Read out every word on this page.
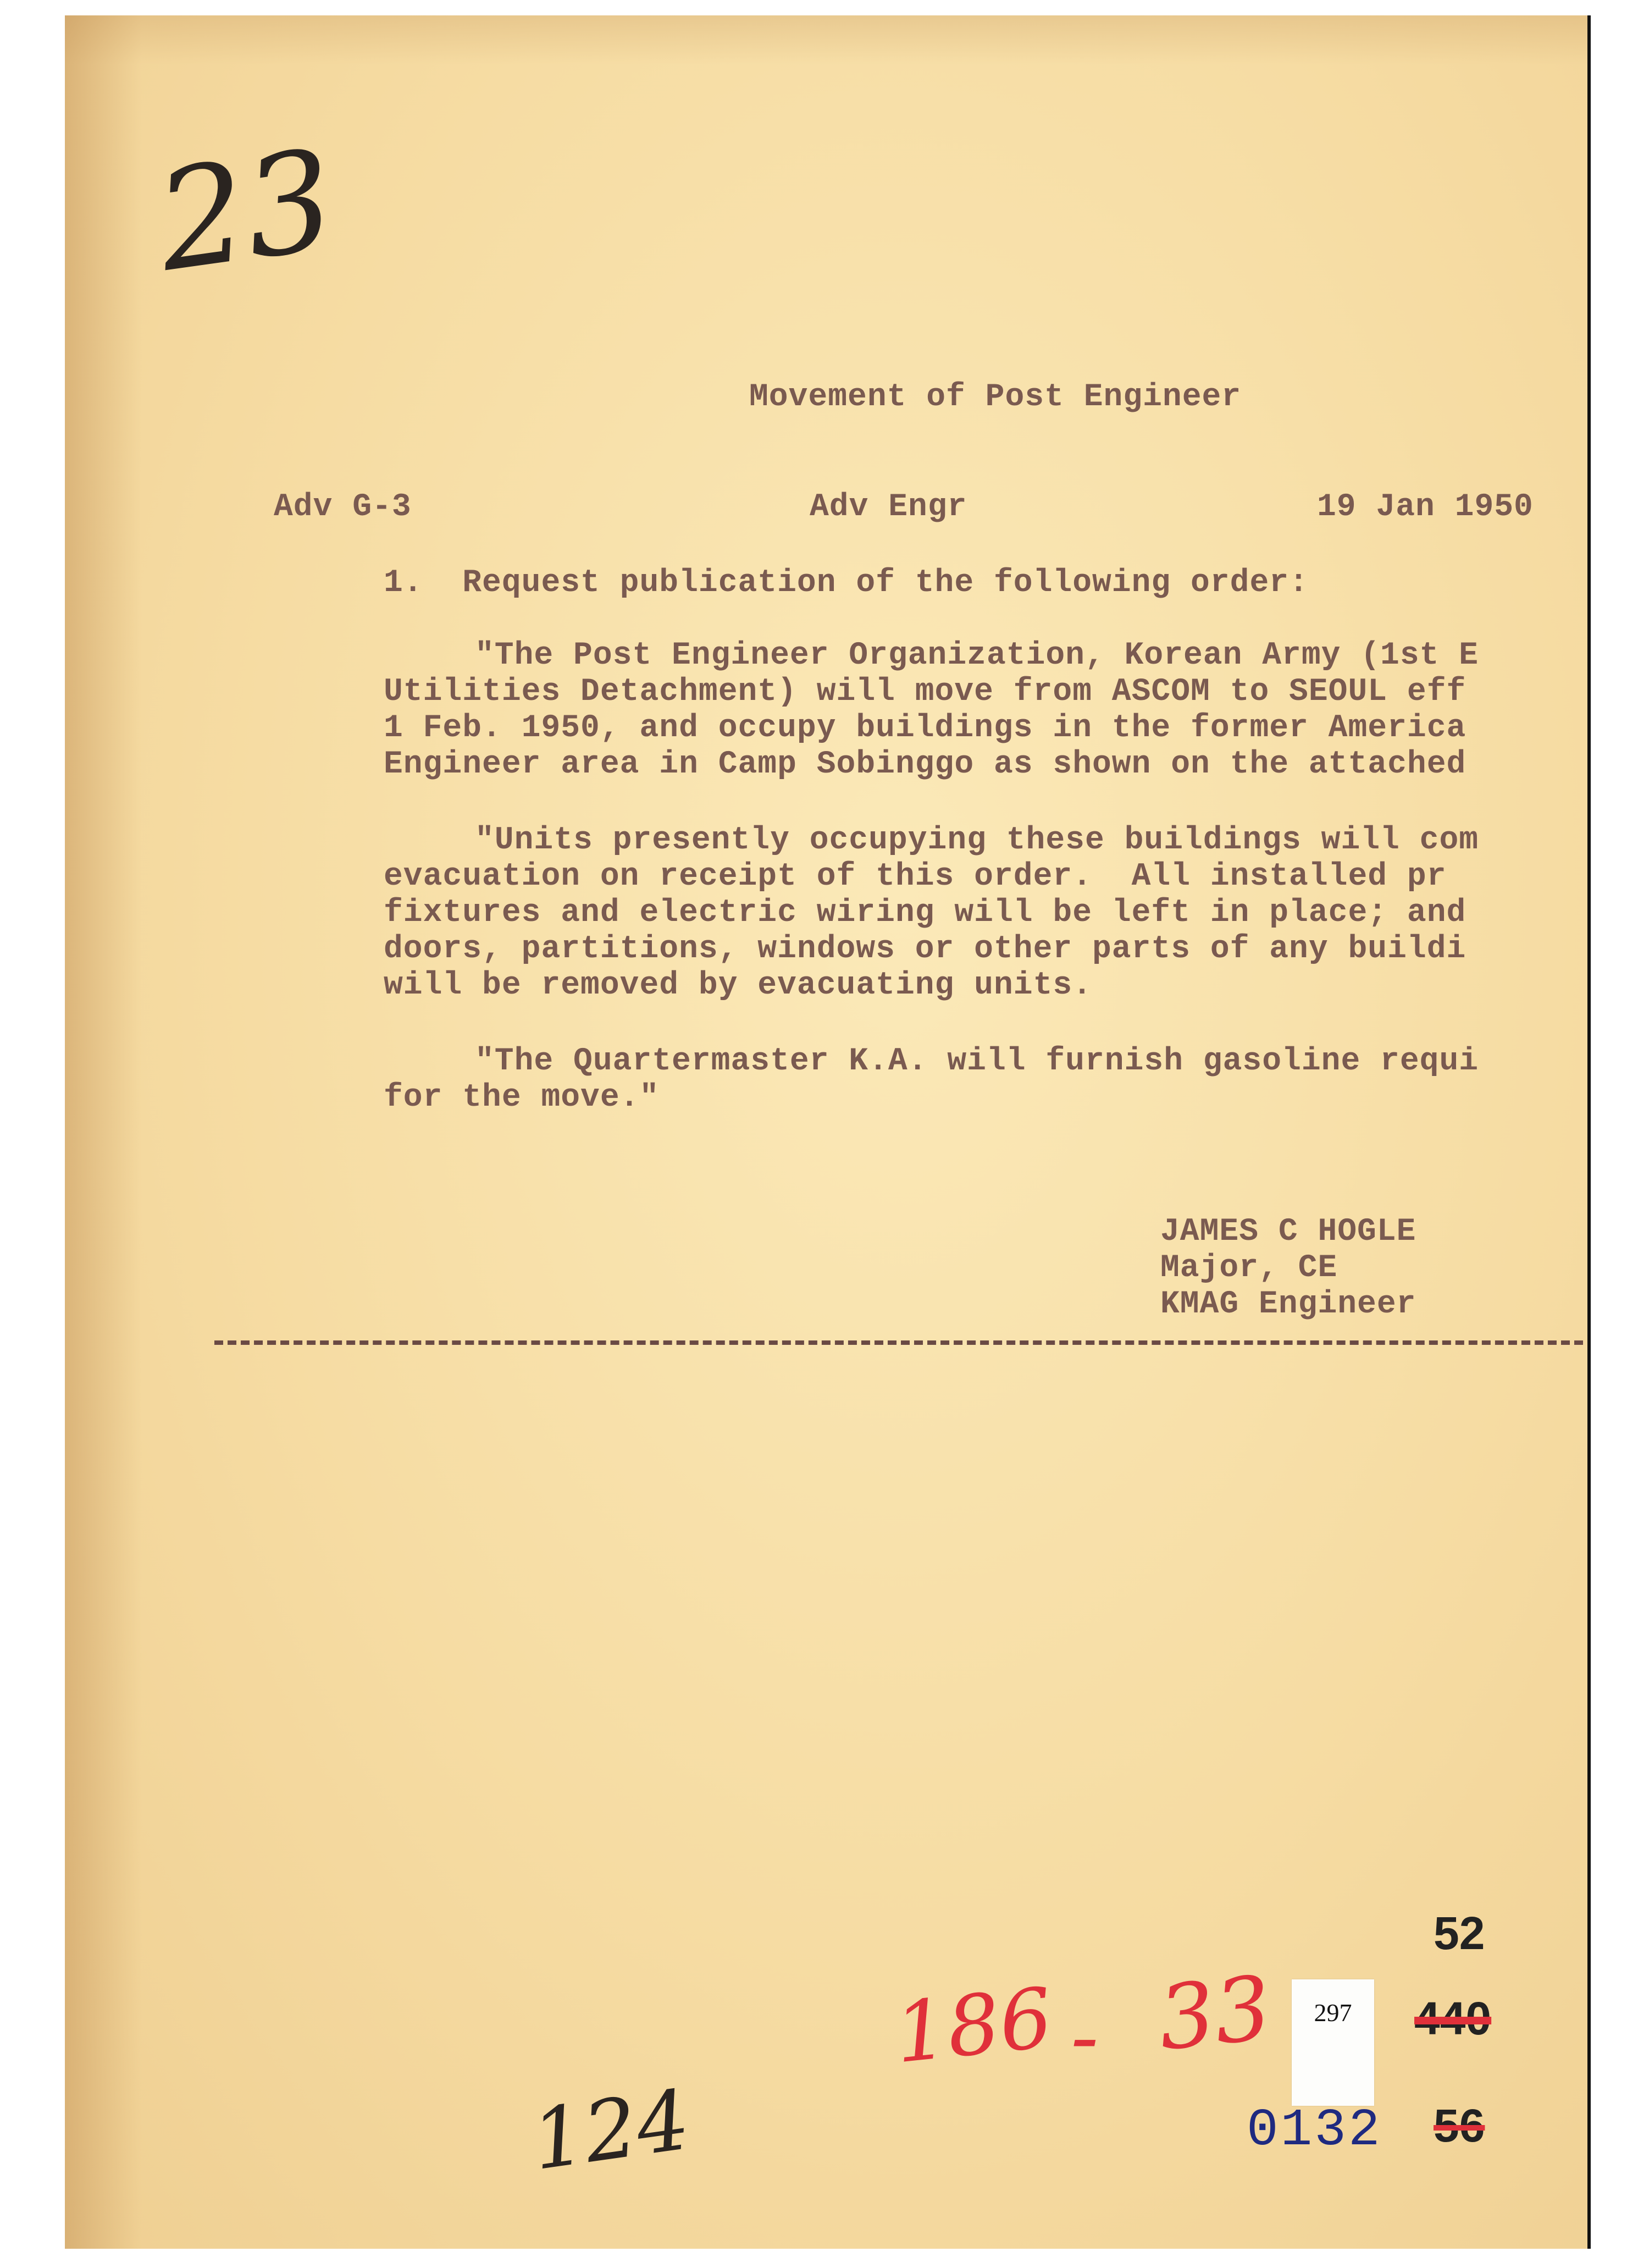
23
Movement of Post Engineer
Adv G-3	Adv Engr	19 Jan 1950
1.  Request publication of the following order:
"The Post Engineer Organization, Korean Army (1st E
Utilities Detachment) will move from ASCOM to SEOUL eff
1 Feb. 1950, and occupy buildings in the former America
Engineer area in Camp Sobinggo as shown on the attached
"Units presently occupying these buildings will com
evacuation on receipt of this order.  All installed pr
fixtures and electric wiring will be left in place; and
doors, partitions, windows or other parts of any buildi
will be removed by evacuating units.
"The Quartermaster K.A. will furnish gasoline requi
for the move."
JAMES C HOGLE
Major, CE
KMAG Engineer
52
440
56
186 - 33
124
297
0132
